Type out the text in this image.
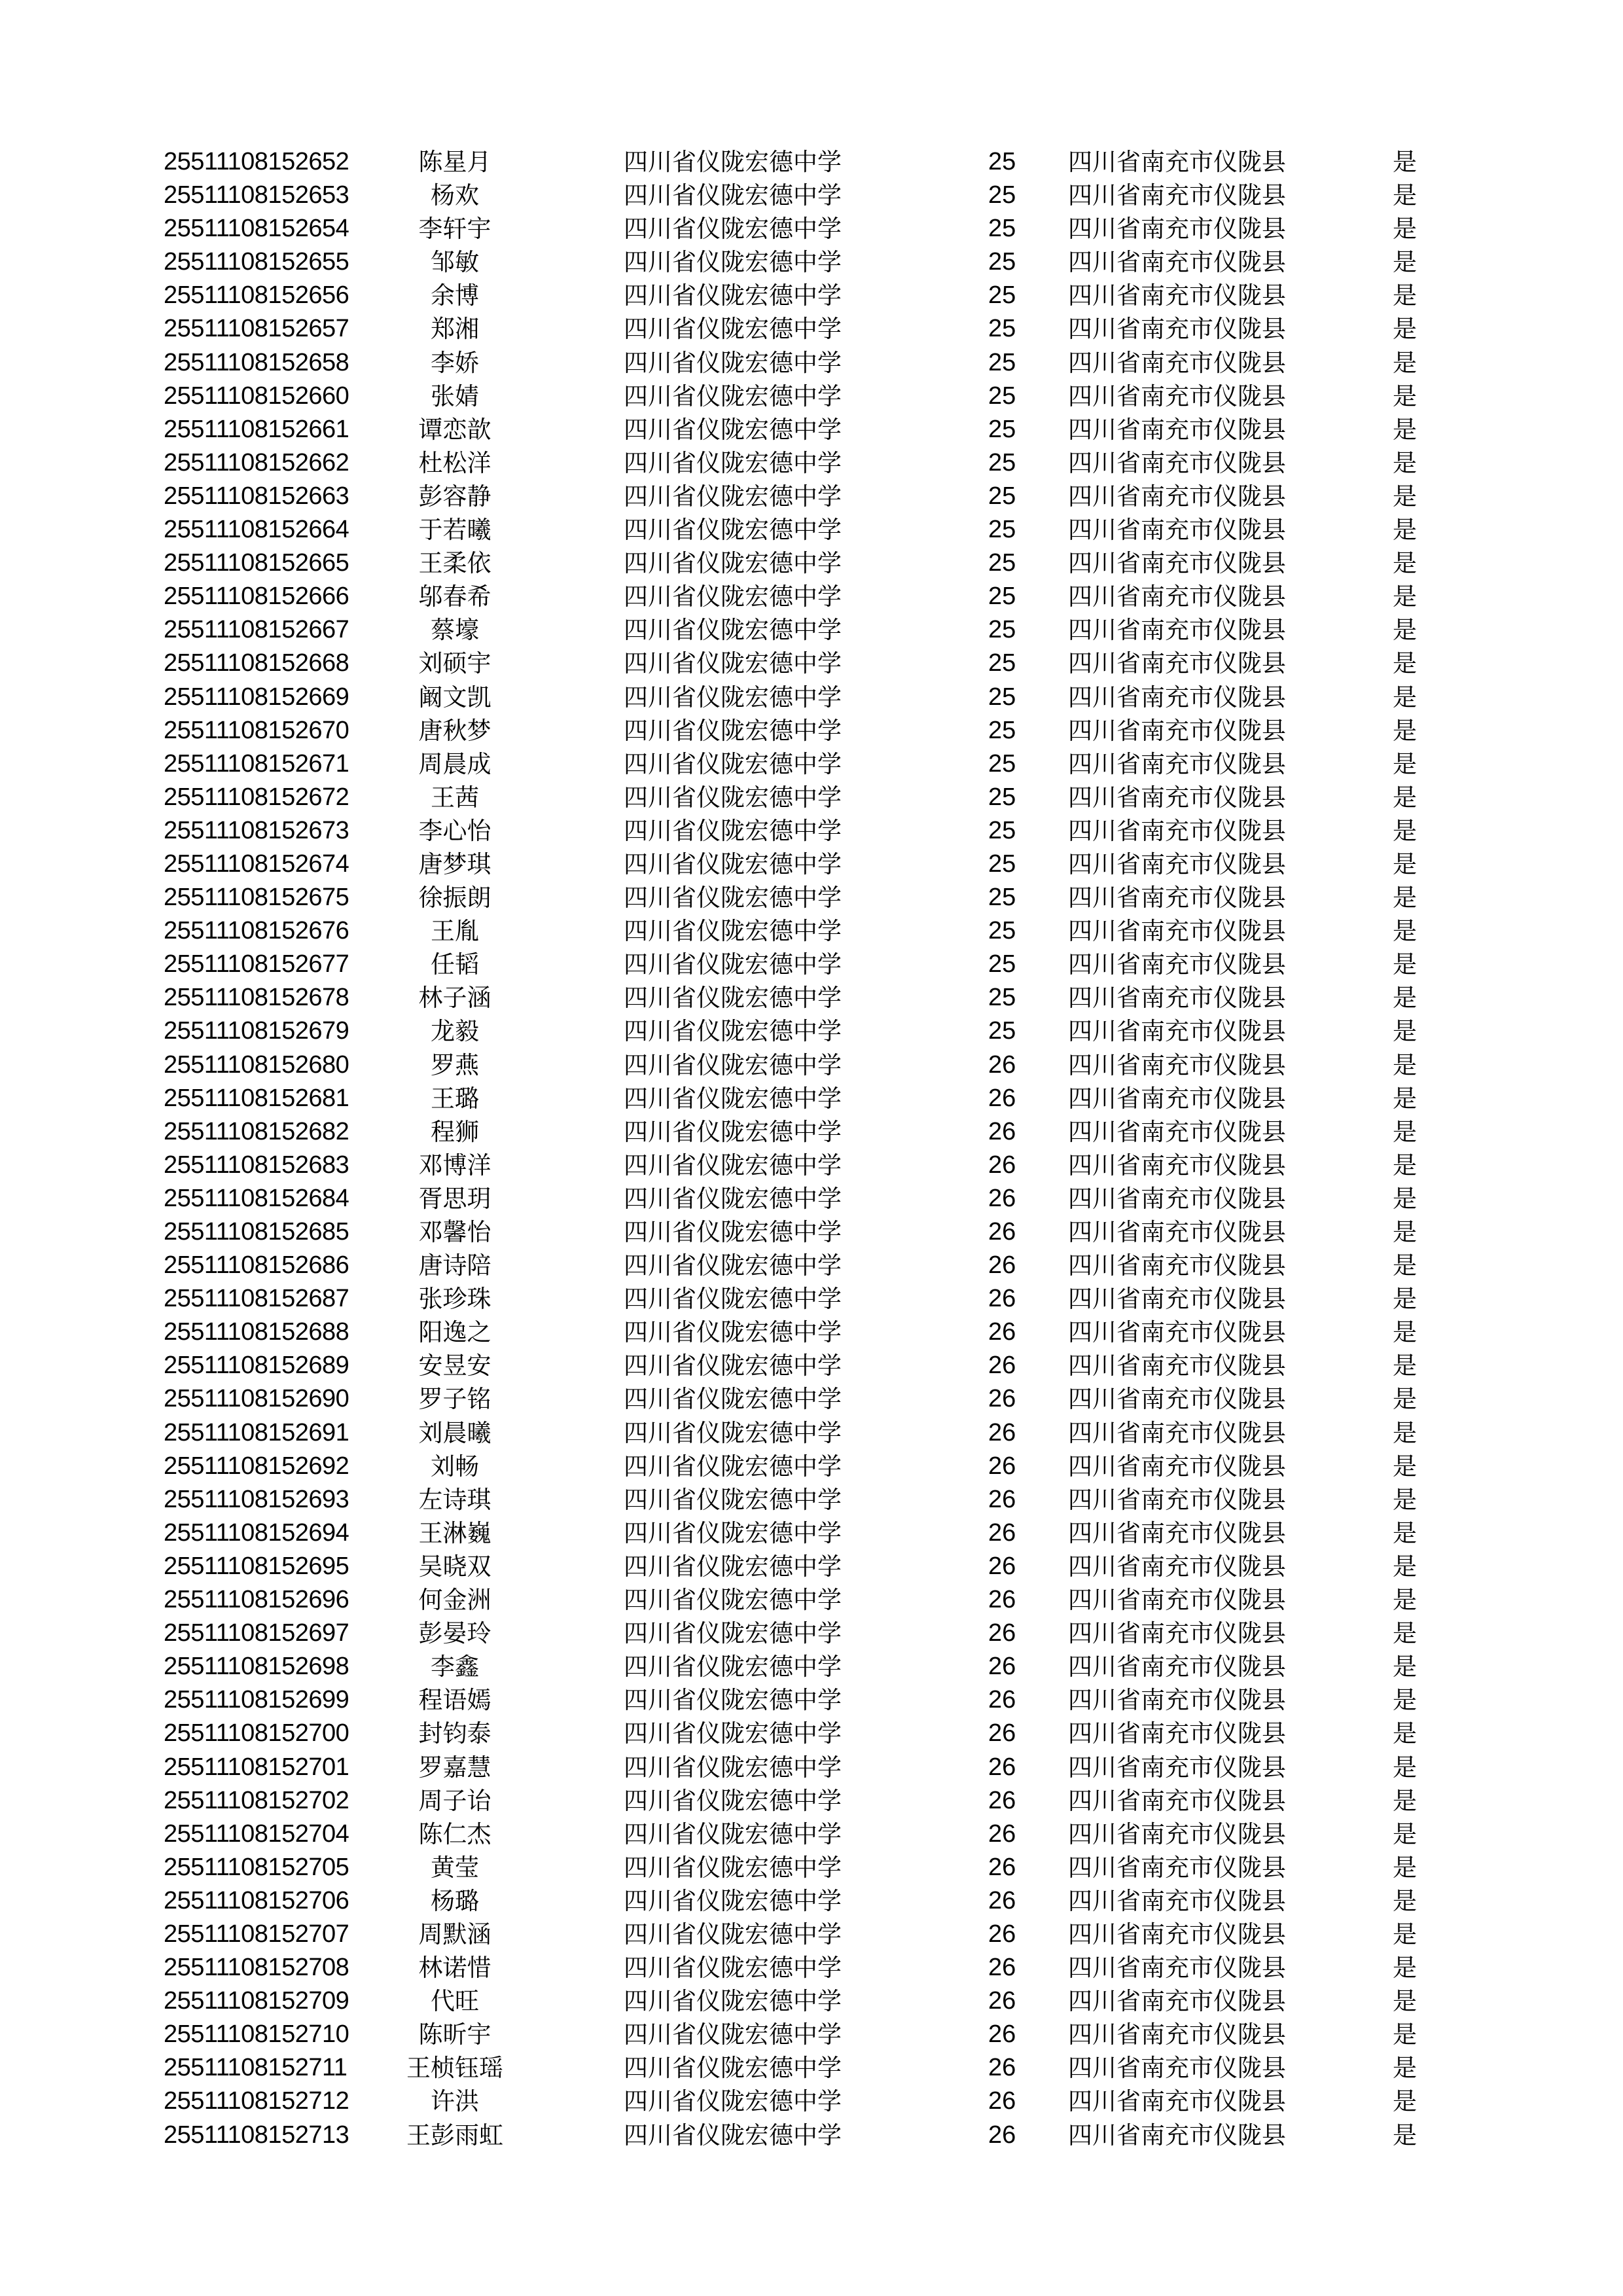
25511108152652	陈星月	四川省仪陇宏德中学	25	四川省南充市仪陇县	是
25511108152653	杨欢	四川省仪陇宏德中学	25	四川省南充市仪陇县	是
25511108152654	李轩宇	四川省仪陇宏德中学	25	四川省南充市仪陇县	是
25511108152655	邹敏	四川省仪陇宏德中学	25	四川省南充市仪陇县	是
25511108152656	余博	四川省仪陇宏德中学	25	四川省南充市仪陇县	是
25511108152657	郑湘	四川省仪陇宏德中学	25	四川省南充市仪陇县	是
25511108152658	李娇	四川省仪陇宏德中学	25	四川省南充市仪陇县	是
25511108152660	张婧	四川省仪陇宏德中学	25	四川省南充市仪陇县	是
25511108152661	谭恋歆	四川省仪陇宏德中学	25	四川省南充市仪陇县	是
25511108152662	杜松洋	四川省仪陇宏德中学	25	四川省南充市仪陇县	是
25511108152663	彭容静	四川省仪陇宏德中学	25	四川省南充市仪陇县	是
25511108152664	于若曦	四川省仪陇宏德中学	25	四川省南充市仪陇县	是
25511108152665	王柔依	四川省仪陇宏德中学	25	四川省南充市仪陇县	是
25511108152666	邬春希	四川省仪陇宏德中学	25	四川省南充市仪陇县	是
25511108152667	蔡壕	四川省仪陇宏德中学	25	四川省南充市仪陇县	是
25511108152668	刘硕宇	四川省仪陇宏德中学	25	四川省南充市仪陇县	是
25511108152669	阚文凯	四川省仪陇宏德中学	25	四川省南充市仪陇县	是
25511108152670	唐秋梦	四川省仪陇宏德中学	25	四川省南充市仪陇县	是
25511108152671	周晨成	四川省仪陇宏德中学	25	四川省南充市仪陇县	是
25511108152672	王茜	四川省仪陇宏德中学	25	四川省南充市仪陇县	是
25511108152673	李心怡	四川省仪陇宏德中学	25	四川省南充市仪陇县	是
25511108152674	唐梦琪	四川省仪陇宏德中学	25	四川省南充市仪陇县	是
25511108152675	徐振朗	四川省仪陇宏德中学	25	四川省南充市仪陇县	是
25511108152676	王胤	四川省仪陇宏德中学	25	四川省南充市仪陇县	是
25511108152677	任韬	四川省仪陇宏德中学	25	四川省南充市仪陇县	是
25511108152678	林子涵	四川省仪陇宏德中学	25	四川省南充市仪陇县	是
25511108152679	龙毅	四川省仪陇宏德中学	25	四川省南充市仪陇县	是
25511108152680	罗燕	四川省仪陇宏德中学	26	四川省南充市仪陇县	是
25511108152681	王璐	四川省仪陇宏德中学	26	四川省南充市仪陇县	是
25511108152682	程狮	四川省仪陇宏德中学	26	四川省南充市仪陇县	是
25511108152683	邓博洋	四川省仪陇宏德中学	26	四川省南充市仪陇县	是
25511108152684	胥思玥	四川省仪陇宏德中学	26	四川省南充市仪陇县	是
25511108152685	邓馨怡	四川省仪陇宏德中学	26	四川省南充市仪陇县	是
25511108152686	唐诗陪	四川省仪陇宏德中学	26	四川省南充市仪陇县	是
25511108152687	张珍珠	四川省仪陇宏德中学	26	四川省南充市仪陇县	是
25511108152688	阳逸之	四川省仪陇宏德中学	26	四川省南充市仪陇县	是
25511108152689	安昱安	四川省仪陇宏德中学	26	四川省南充市仪陇县	是
25511108152690	罗子铭	四川省仪陇宏德中学	26	四川省南充市仪陇县	是
25511108152691	刘晨曦	四川省仪陇宏德中学	26	四川省南充市仪陇县	是
25511108152692	刘畅	四川省仪陇宏德中学	26	四川省南充市仪陇县	是
25511108152693	左诗琪	四川省仪陇宏德中学	26	四川省南充市仪陇县	是
25511108152694	王淋巍	四川省仪陇宏德中学	26	四川省南充市仪陇县	是
25511108152695	吴晓双	四川省仪陇宏德中学	26	四川省南充市仪陇县	是
25511108152696	何金洲	四川省仪陇宏德中学	26	四川省南充市仪陇县	是
25511108152697	彭晏玲	四川省仪陇宏德中学	26	四川省南充市仪陇县	是
25511108152698	李鑫	四川省仪陇宏德中学	26	四川省南充市仪陇县	是
25511108152699	程语嫣	四川省仪陇宏德中学	26	四川省南充市仪陇县	是
25511108152700	封钧泰	四川省仪陇宏德中学	26	四川省南充市仪陇县	是
25511108152701	罗嘉慧	四川省仪陇宏德中学	26	四川省南充市仪陇县	是
25511108152702	周子诒	四川省仪陇宏德中学	26	四川省南充市仪陇县	是
25511108152704	陈仁杰	四川省仪陇宏德中学	26	四川省南充市仪陇县	是
25511108152705	黄莹	四川省仪陇宏德中学	26	四川省南充市仪陇县	是
25511108152706	杨璐	四川省仪陇宏德中学	26	四川省南充市仪陇县	是
25511108152707	周默涵	四川省仪陇宏德中学	26	四川省南充市仪陇县	是
25511108152708	林诺惜	四川省仪陇宏德中学	26	四川省南充市仪陇县	是
25511108152709	代旺	四川省仪陇宏德中学	26	四川省南充市仪陇县	是
25511108152710	陈昕宇	四川省仪陇宏德中学	26	四川省南充市仪陇县	是
25511108152711	王桢钰瑶	四川省仪陇宏德中学	26	四川省南充市仪陇县	是
25511108152712	许洪	四川省仪陇宏德中学	26	四川省南充市仪陇县	是
25511108152713	王彭雨虹	四川省仪陇宏德中学	26	四川省南充市仪陇县	是
